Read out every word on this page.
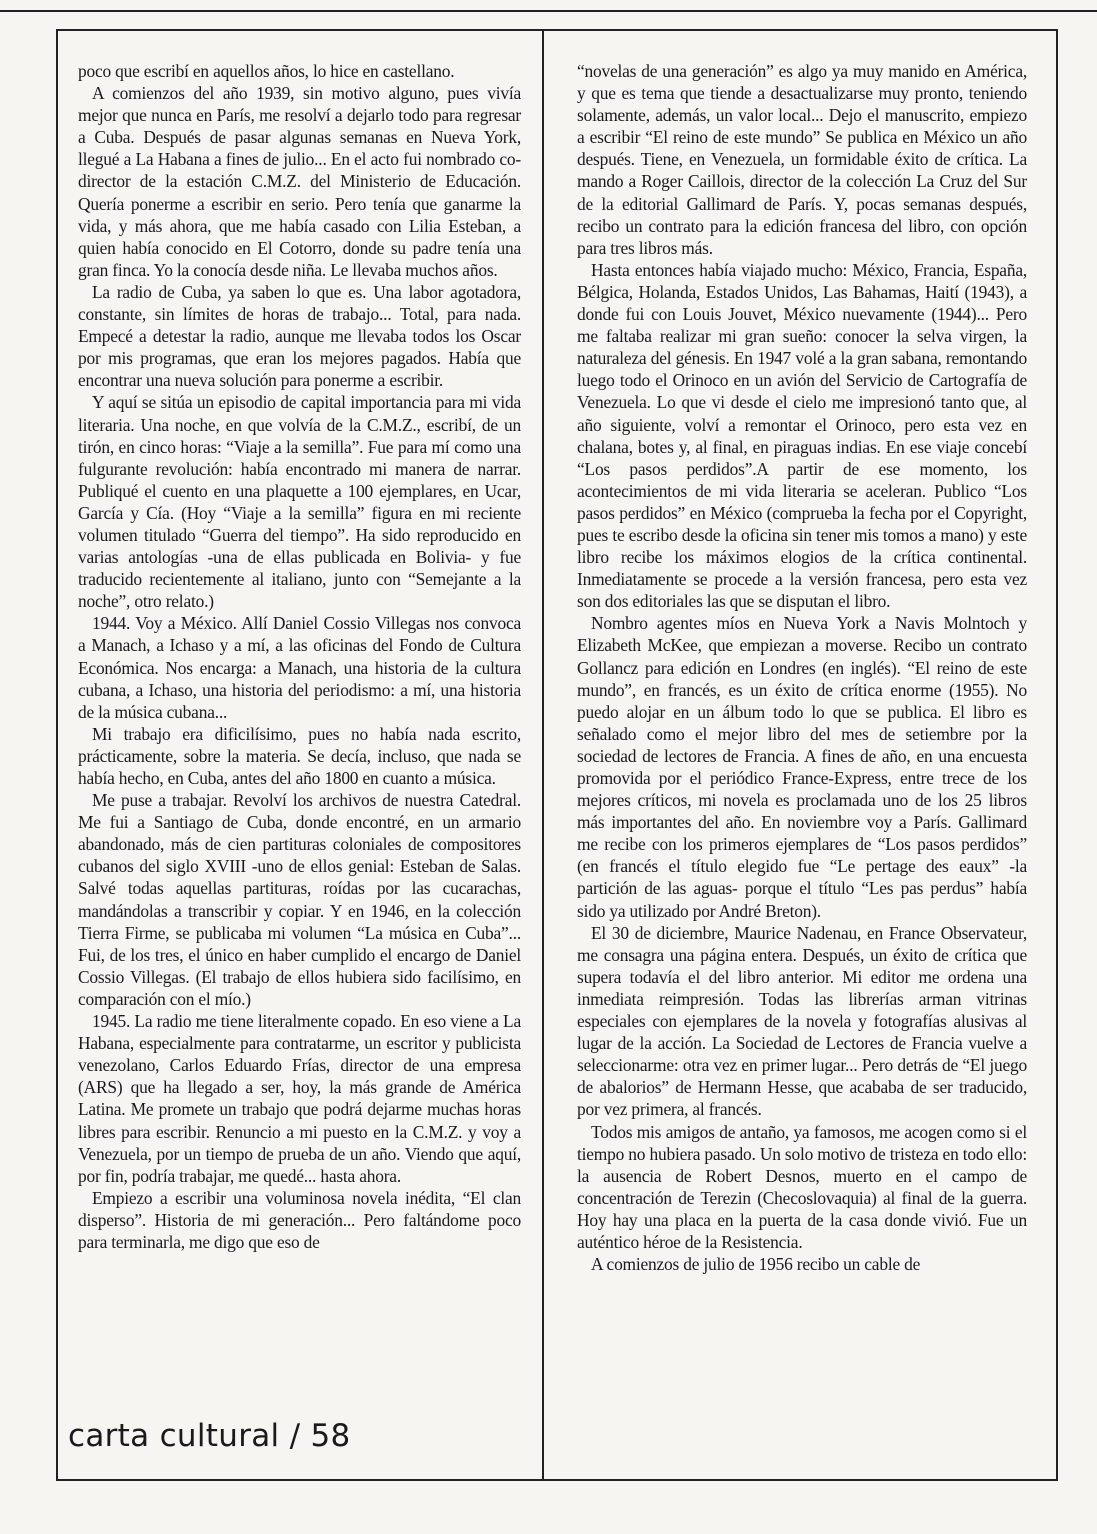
poco que escribí en aquellos años, lo hice en castellano.

A comienzos del año 1939, sin motivo alguno, pues vivía mejor que nunca en París, me resolví a dejarlo todo para regresar a Cuba. Después de pasar algunas semanas en Nueva York, llegué a La Habana a fines de julio... En el acto fui nombrado co-director de la estación C.M.Z. del Ministerio de Educación. Quería ponerme a escribir en serio. Pero tenía que ganarme la vida, y más ahora, que me había casado con Lilia Esteban, a quien había conocido en El Cotorro, donde su padre tenía una gran finca. Yo la conocía desde niña. Le llevaba muchos años.

La radio de Cuba, ya saben lo que es. Una labor agotadora, constante, sin límites de horas de trabajo... Total, para nada. Empecé a detestar la radio, aunque me llevaba todos los Oscar por mis programas, que eran los mejores pagados. Había que encontrar una nueva solución para ponerme a escribir.

Y aquí se sitúa un episodio de capital importancia para mi vida literaria. Una noche, en que volvía de la C.M.Z., escribí, de un tirón, en cinco horas: “Viaje a la semilla”. Fue para mí como una fulgurante revolución: había encontrado mi manera de narrar. Publiqué el cuento en una plaquette a 100 ejemplares, en Ucar, García y Cía. (Hoy “Viaje a la semilla” figura en mi reciente volumen titulado “Guerra del tiempo”. Ha sido reproducido en varias antologías -una de ellas publicada en Bolivia- y fue traducido recientemente al italiano, junto con “Semejante a la noche”, otro relato.)

1944. Voy a México. Allí Daniel Cossio Villegas nos convoca a Manach, a Ichaso y a mí, a las oficinas del Fondo de Cultura Económica. Nos encarga: a Manach, una historia de la cultura cubana, a Ichaso, una historia del periodismo: a mí, una historia de la música cubana...

Mi trabajo era dificilísimo, pues no había nada escrito, prácticamente, sobre la materia. Se decía, incluso, que nada se había hecho, en Cuba, antes del año 1800 en cuanto a música.

Me puse a trabajar. Revolví los archivos de nuestra Catedral. Me fui a Santiago de Cuba, donde encontré, en un armario abandonado, más de cien partituras coloniales de compositores cubanos del siglo XVIII -uno de ellos genial: Esteban de Salas. Salvé todas aquellas partituras, roídas por las cucarachas, mandándolas a transcribir y copiar. Y en 1946, en la colección Tierra Firme, se publicaba mi volumen “La música en Cuba”... Fui, de los tres, el único en haber cumplido el encargo de Daniel Cossio Villegas. (El trabajo de ellos hubiera sido facilísimo, en comparación con el mío.)

1945. La radio me tiene literalmente copado. En eso viene a La Habana, especialmente para contratarme, un escritor y publicista venezolano, Carlos Eduardo Frías, director de una empresa (ARS) que ha llegado a ser, hoy, la más grande de América Latina. Me promete un trabajo que podrá dejarme muchas horas libres para escribir. Renuncio a mi puesto en la C.M.Z. y voy a Venezuela, por un tiempo de prueba de un año. Viendo que aquí, por fin, podría trabajar, me quedé... hasta ahora.

Empiezo a escribir una voluminosa novela inédita, “El clan disperso”. Historia de mi generación... Pero faltándome poco para terminarla, me digo que eso de

“novelas de una generación” es algo ya muy manido en América, y que es tema que tiende a desactualizarse muy pronto, teniendo solamente, además, un valor local... Dejo el manuscrito, empiezo a escribir “El reino de este mundo” Se publica en México un año después. Tiene, en Venezuela, un formidable éxito de crítica. La mando a Roger Caillois, director de la colección La Cruz del Sur de la editorial Gallimard de París. Y, pocas semanas después, recibo un contrato para la edición francesa del libro, con opción para tres libros más.

Hasta entonces había viajado mucho: México, Francia, España, Bélgica, Holanda, Estados Unidos, Las Bahamas, Haití (1943), a donde fui con Louis Jouvet, México nuevamente (1944)... Pero me faltaba realizar mi gran sueño: conocer la selva virgen, la naturaleza del génesis. En 1947 volé a la gran sabana, remontando luego todo el Orinoco en un avión del Servicio de Cartografía de Venezuela. Lo que vi desde el cielo me impresionó tanto que, al año siguiente, volví a remontar el Orinoco, pero esta vez en chalana, botes y, al final, en piraguas indias. En ese viaje concebí “Los pasos perdidos”.A partir de ese momento, los acontecimientos de mi vida literaria se aceleran. Publico “Los pasos perdidos” en México (comprueba la fecha por el Copyright, pues te escribo desde la oficina sin tener mis tomos a mano) y este libro recibe los máximos elogios de la crítica continental. Inmediatamente se procede a la versión francesa, pero esta vez son dos editoriales las que se disputan el libro.

Nombro agentes míos en Nueva York a Navis Molntoch y Elizabeth McKee, que empiezan a moverse. Recibo un contrato Gollancz para edición en Londres (en inglés). “El reino de este mundo”, en francés, es un éxito de crítica enorme (1955). No puedo alojar en un álbum todo lo que se publica. El libro es señalado como el mejor libro del mes de setiembre por la sociedad de lectores de Francia. A fines de año, en una encuesta promovida por el periódico France-Express, entre trece de los mejores críticos, mi novela es proclamada uno de los 25 libros más importantes del año. En noviembre voy a París. Gallimard me recibe con los primeros ejemplares de “Los pasos perdidos” (en francés el título elegido fue “Le pertage des eaux” -la partición de las aguas- porque el título “Les pas perdus” había sido ya utilizado por André Breton).

El 30 de diciembre, Maurice Nadenau, en France Observateur, me consagra una página entera. Después, un éxito de crítica que supera todavía el del libro anterior. Mi editor me ordena una inmediata reimpresión. Todas las librerías arman vitrinas especiales con ejemplares de la novela y fotografías alusivas al lugar de la acción. La Sociedad de Lectores de Francia vuelve a seleccionarme: otra vez en primer lugar... Pero detrás de “El juego de abalorios” de Hermann Hesse, que acababa de ser traducido, por vez primera, al francés.

Todos mis amigos de antaño, ya famosos, me acogen como si el tiempo no hubiera pasado. Un solo motivo de tristeza en todo ello: la ausencia de Robert Desnos, muerto en el campo de concentración de Terezin (Checoslovaquia) al final de la guerra. Hoy hay una placa en la puerta de la casa donde vivió. Fue un auténtico héroe de la Resistencia.

A comienzos de julio de 1956 recibo un cable de

carta cultural / 58
